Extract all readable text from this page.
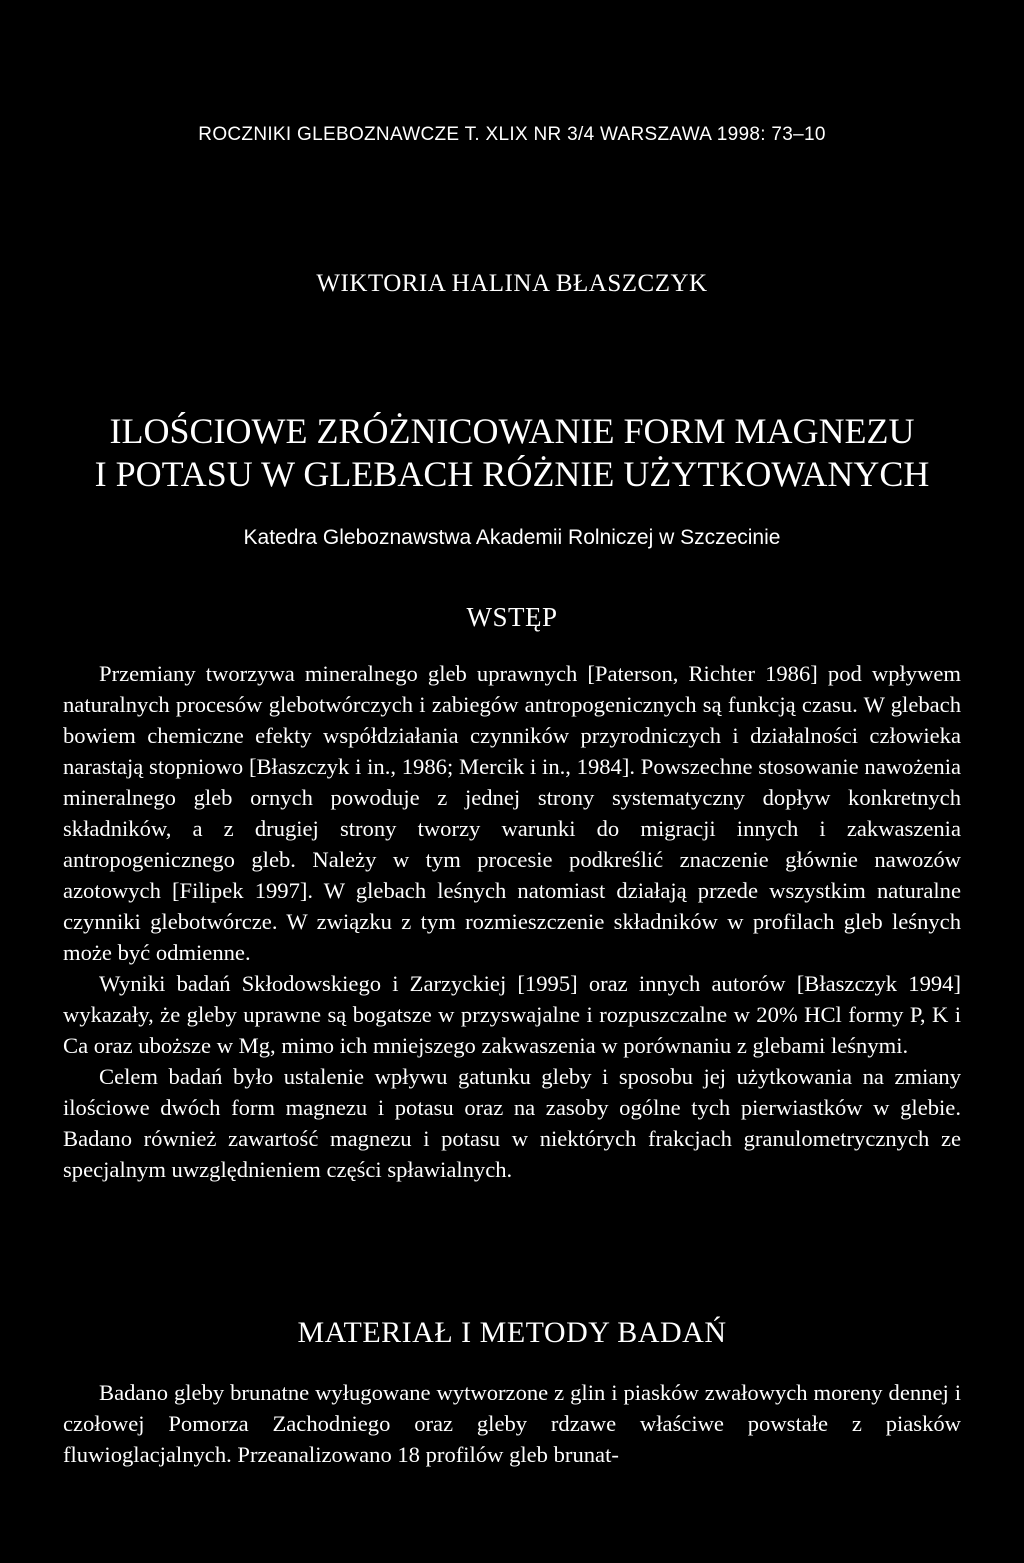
ROCZNIKI GLEBOZNAWCZE T. XLIX NR 3/4 WARSZAWA 1998: 73–10
WIKTORIA HALINA BŁASZCZYK
ILOŚCIOWE ZRÓŻNICOWANIE FORM MAGNEZU
I POTASU W GLEBACH RÓŻNIE UŻYTKOWANYCH
Katedra Gleboznawstwa Akademii Rolniczej w Szczecinie
WSTĘP

Przemiany tworzywa mineralnego gleb uprawnych [Paterson, Richter 1986] pod wpływem naturalnych procesów glebotwórczych i zabiegów antropogenicznych są funkcją czasu. W glebach bowiem chemiczne efekty współdziałania czynników przyrodniczych i działalności człowieka narastają stopniowo [Błaszczyk i in., 1986; Mercik i in., 1984]. Powszechne stosowanie nawożenia mineralnego gleb ornych powoduje z jednej strony systematyczny dopływ konkretnych składników, a z drugiej strony tworzy warunki do migracji innych i zakwaszenia antropogenicznego gleb. Należy w tym procesie podkreślić znaczenie głównie nawozów azotowych [Filipek 1997]. W glebach leśnych natomiast działają przede wszystkim naturalne czynniki glebotwórcze. W związku z tym rozmieszczenie składników w profilach gleb leśnych może być odmienne.

Wyniki badań Skłodowskiego i Zarzyckiej [1995] oraz innych autorów [Błaszczyk 1994] wykazały, że gleby uprawne są bogatsze w przyswajalne i rozpuszczalne w 20% HCl formy P, K i Ca oraz uboższe w Mg, mimo ich mniejszego zakwaszenia w porównaniu z glebami leśnymi.

Celem badań było ustalenie wpływu gatunku gleby i sposobu jej użytkowania na zmiany ilościowe dwóch form magnezu i potasu oraz na zasoby ogólne tych pierwiastków w glebie. Badano również zawartość magnezu i potasu w niektórych frakcjach granulometrycznych ze specjalnym uwzględnieniem części spławialnych.

MATERIAŁ I METODY BADAŃ

Badano gleby brunatne wyługowane wytworzone z glin i piasków zwałowych moreny dennej i czołowej Pomorza Zachodniego oraz gleby rdzawe właściwe powstałe z piasków fluwioglacjalnych. Przeanalizowano 18 profilów gleb brunat-
